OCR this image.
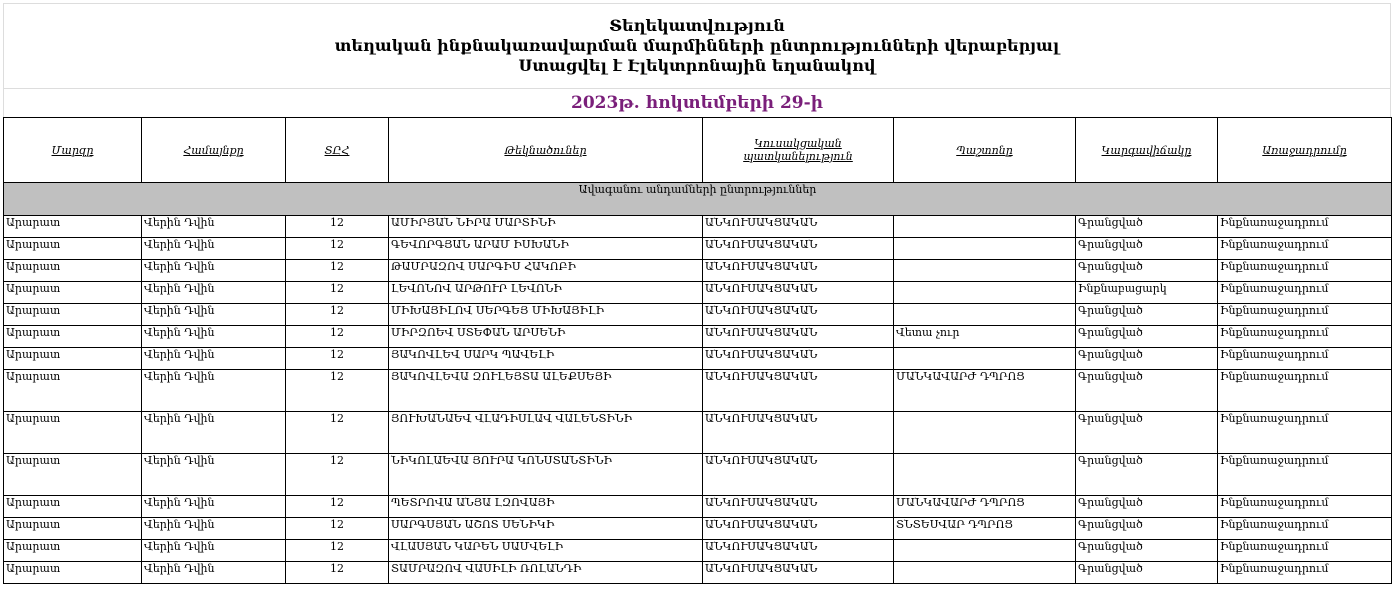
Տեղեկատվություն
տեղական ինքնակառավարման մարմինների ընտրությունների վերաբերյալ
Ստացվել է Էլեկտրոնային եղանակով
2023թ. հոկտեմբերի 29-ի
Մարզը	Համայնքը	ՏԸՀ	Թեկնածուներ	Կուսակցական պատկանելություն	Պաշտոնը	Կարգավիճակը	Առաջադրումը
Ավագանու անդամների ընտրություններ							
Արարատ	Վերին Դվին	12	ԱՄԻՐՅԱՆ ՆԻՐԱ ՄԱՐՏԻՆԻ	ԱՆԿՈՒՍԱԿՑԱԿԱՆ		Գրանցված	Ինքնառաջադրում
Արարատ	Վերին Դվին	12	ԳԵՎՈՐԳՅԱՆ ԱՐԱՄ ԻՍԽԱՆԻ	ԱՆԿՈՒՍԱԿՑԱԿԱՆ		Գրանցված	Ինքնառաջադրում
Արարատ	Վերին Դվին	12	ԹԱՄՐԱԶՈՎ ՍԱՐԳԻՍ ՀԱԿՈԲԻ	ԱՆԿՈՒՍԱԿՑԱԿԱՆ		Գրանցված	Ինքնառաջադրում
Արարատ	Վերին Դվին	12	ԼԵՎՈՆՈՎ ԱՐԹՈՒՐ ԼԵՎՈՆԻ	ԱՆԿՈՒՍԱԿՑԱԿԱՆ		Ինքնաբացարկ	Ինքնառաջադրում
Արարատ	Վերին Դվին	12	ՄԻԽԱՅԻԼՈՎ ՍԵՐԳԵՅ ՄԻԽԱՅԻԼԻ	ԱՆԿՈՒՍԱԿՑԱԿԱՆ		Գրանցված	Ինքնառաջադրում
Արարատ	Վերին Դվին	12	ՄԻՐԶՈԵՎ ՍՏԵՓԱՆ ԱՐՍԵՆԻ	ԱՆԿՈՒՍԱԿՑԱԿԱՆ	Վետա չուր	Գրանցված	Ինքնառաջադրում
Արարատ	Վերին Դվին	12	ՅԱԿՈՎԼԵՎ ՍԱՐԿ ՊԱՎԵԼԻ	ԱՆԿՈՒՍԱԿՑԱԿԱՆ		Գրանցված	Ինքնառաջադրում
Արարատ	Վերին Դվին	12	ՅԱԿՈՎԼԵՎԱ ԶՈՒԼԵՅՏԱ ԱԼԵՔՍԵՅԻ	ԱՆԿՈՒՍԱԿՑԱԿԱՆ	ՄԱՆԿԱՎԱՐԺ ԴՊՐՈՑ	Գրանցված	Ինքնառաջադրում
Արարատ	Վերին Դվին	12	ՅՈՒԽԱՆԱԵՎ ՎԼԱԴԻՍԼԱՎ ՎԱԼԵՆՏԻՆԻ	ԱՆԿՈՒՍԱԿՑԱԿԱՆ		Գրանցված	Ինքնառաջադրում
Արարատ	Վերին Դվին	12	ՆԻԿՈԼԱԵՎԱ ՅՈՒՐԱ ԿՈՆՍՏԱՆՏԻՆԻ	ԱՆԿՈՒՍԱԿՑԱԿԱՆ		Գրանցված	Ինքնառաջադրում
Արարատ	Վերին Դվին	12	ՊԵՏՐՈՎԱ ԱՆՅԱ ԼԶՈՎԱՅԻ	ԱՆԿՈՒՍԱԿՑԱԿԱՆ	ՄԱՆԿԱՎԱՐԺ ԴՊՐՈՑ	Գրանցված	Ինքնառաջադրում
Արարատ	Վերին Դվին	12	ՍԱՐԳՍՅԱՆ ԱՇՈՏ ՍԵՆԻԿԻ	ԱՆԿՈՒՍԱԿՑԱԿԱՆ	ՏՆՏԵՍՎԱՐ ԴՊՐՈՑ	Գրանցված	Ինքնառաջադրում
Արարատ	Վերին Դվին	12	ՎԼԱՍՅԱՆ ԿԱՐԵՆ ՍԱՄՎԵԼԻ	ԱՆԿՈՒՍԱԿՑԱԿԱՆ		Գրանցված	Ինքնառաջադրում
Արարատ	Վերին Դվին	12	ՏԱՄՐԱԶՈՎ ՎԱՍԻԼԻ ՌՈԼԱՆԴԻ	ԱՆԿՈՒՍԱԿՑԱԿԱՆ		Գրանցված	Ինքնառաջադրում
